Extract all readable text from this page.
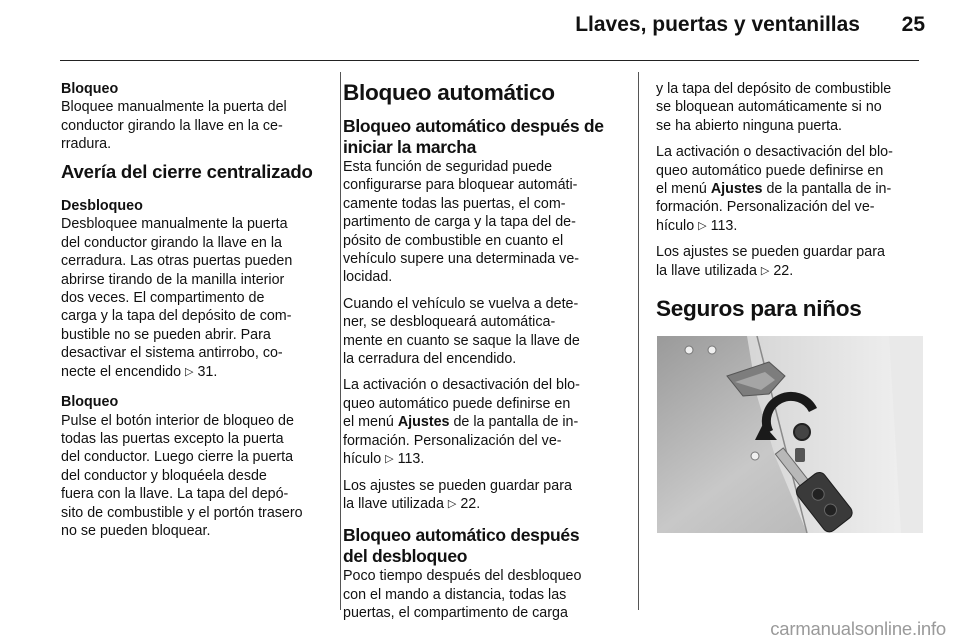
Llaves, puertas y ventanillas	25

Bloqueo
Bloquee manualmente la puerta del
conductor girando la llave en la ce-
rradura.

Avería del cierre centralizado

Desbloqueo
Desbloquee manualmente la puerta
del conductor girando la llave en la
cerradura. Las otras puertas pueden
abrirse tirando de la manilla interior
dos veces. El compartimento de
carga y la tapa del depósito de com-
bustible no se pueden abrir. Para
desactivar el sistema antirrobo, co-
necte el encendido ▷ 31.

Bloqueo
Pulse el botón interior de bloqueo de
todas las puertas excepto la puerta
del conductor. Luego cierre la puerta
del conductor y bloquéela desde
fuera con la llave. La tapa del depó-
sito de combustible y el portón trasero
no se pueden bloquear.

Bloqueo automático
Bloqueo automático después de
iniciar la marcha

Esta función de seguridad puede
configurarse para bloquear automáti-
camente todas las puertas, el com-
partimento de carga y la tapa del de-
pósito de combustible en cuanto el
vehículo supere una determinada ve-
locidad.

Cuando el vehículo se vuelva a dete-
ner, se desbloqueará automática-
mente en cuanto se saque la llave de
la cerradura del encendido.

La activación o desactivación del blo-
queo automático puede definirse en
el menú Ajustes de la pantalla de in-
formación. Personalización del ve-
hículo ▷ 113.

Los ajustes se pueden guardar para
la llave utilizada ▷ 22.

Bloqueo automático después
del desbloqueo

Poco tiempo después del desbloqueo
con el mando a distancia, todas las
puertas, el compartimento de carga

y la tapa del depósito de combustible
se bloquean automáticamente si no
se ha abierto ninguna puerta.

La activación o desactivación del blo-
queo automático puede definirse en
el menú Ajustes de la pantalla de in-
formación. Personalización del ve-
hículo ▷ 113.

Los ajustes se pueden guardar para
la llave utilizada ▷ 22.

Seguros para niños
carmanualsonline.info
